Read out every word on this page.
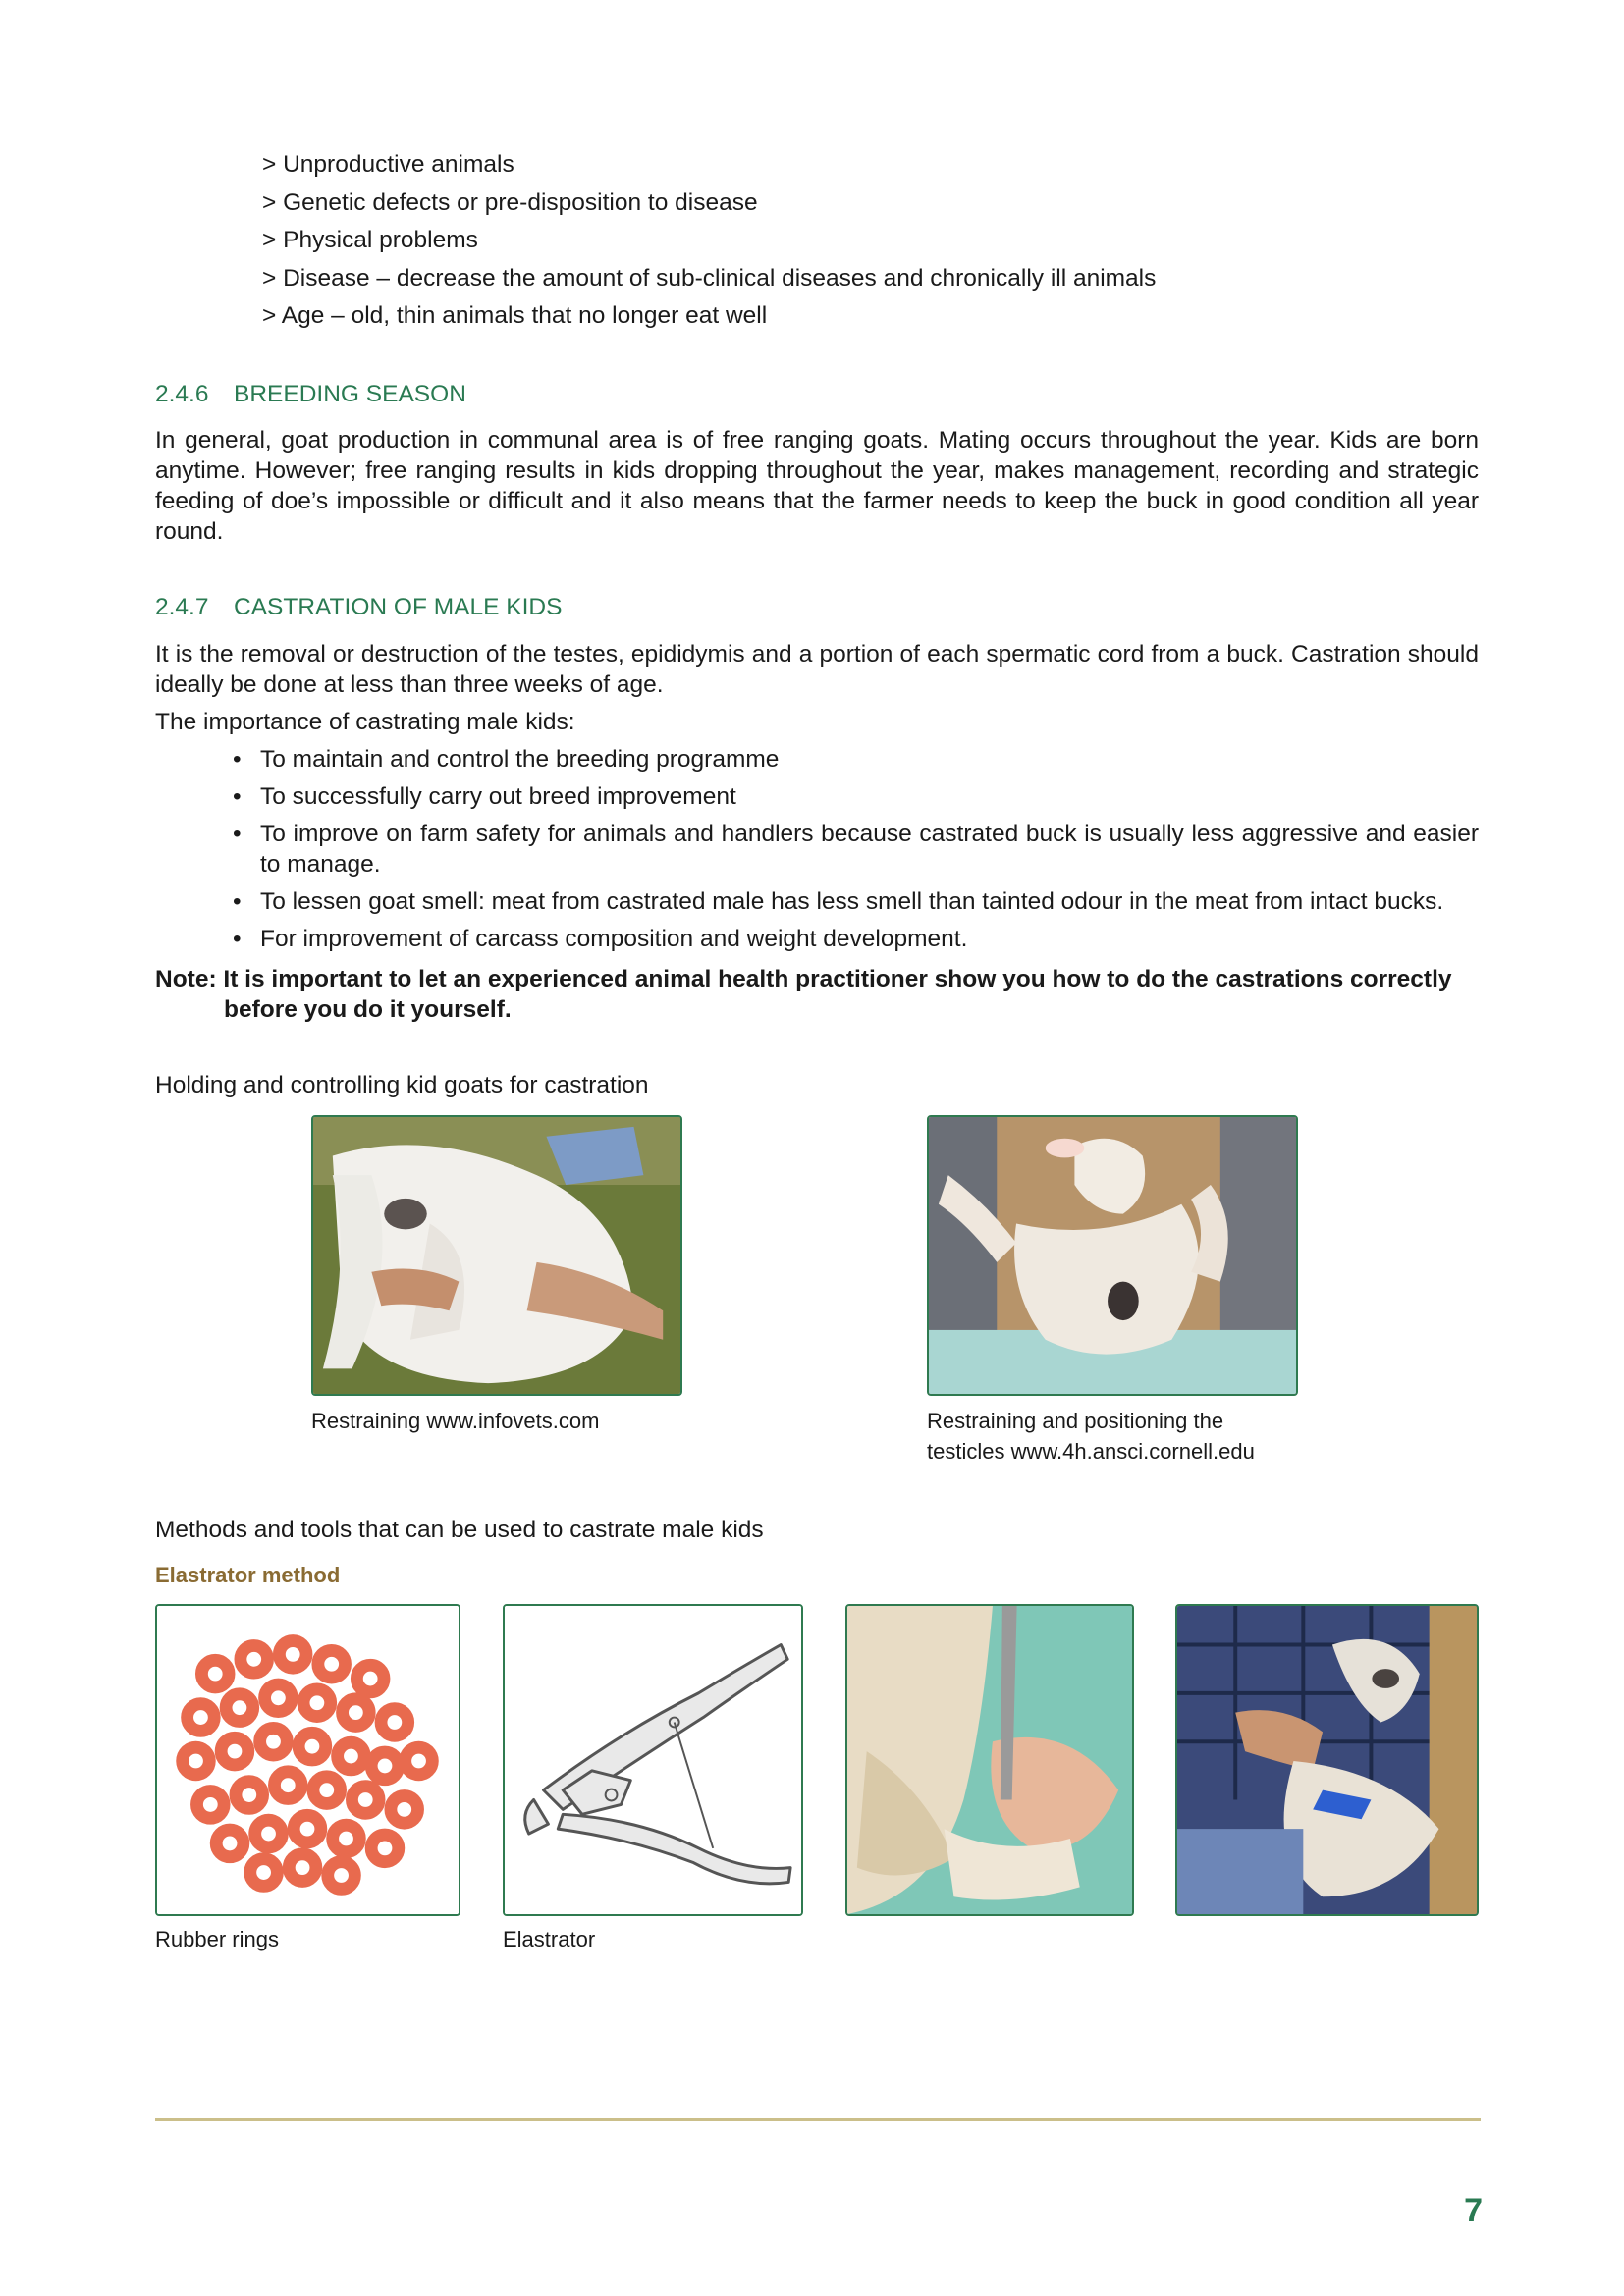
> Unproductive animals
> Genetic defects or pre-disposition to disease
> Physical problems
> Disease – decrease the amount of sub-clinical diseases and chronically ill animals
> Age – old, thin animals that no longer eat well
2.4.6 BREEDING SEASON

In general, goat production in communal area is of free ranging goats. Mating occurs throughout the year. Kids are born anytime. However; free ranging results in kids dropping throughout the year, makes management, recording and strategic feeding of doe’s impossible or difficult and it also means that the farmer needs to keep the buck in good condition all year round.

2.4.7 CASTRATION OF MALE KIDS

It is the removal or destruction of the testes, epididymis and a portion of each spermatic cord from a buck. Castration should ideally be done at less than three weeks of age.

The importance of castrating male kids:

• To maintain and control the breeding programme
• To successfully carry out breed improvement
• To improve on farm safety for animals and handlers because castrated buck is usually less aggressive and easier to manage.
• To lessen goat smell: meat from castrated male has less smell than tainted odour in the meat from intact bucks.
• For improvement of carcass composition and weight development.
Note: It is important to let an experienced animal health practitioner show you how to do the castrations correctly
before you do it yourself.

Holding and controlling kid goats for castration

Restraining www.infovets.com	Restraining and positioning the
testicles www.4h.ansci.cornell.edu

Methods and tools that can be used to castrate male kids

Elastrator method

Rubber rings	Elastrator

7
